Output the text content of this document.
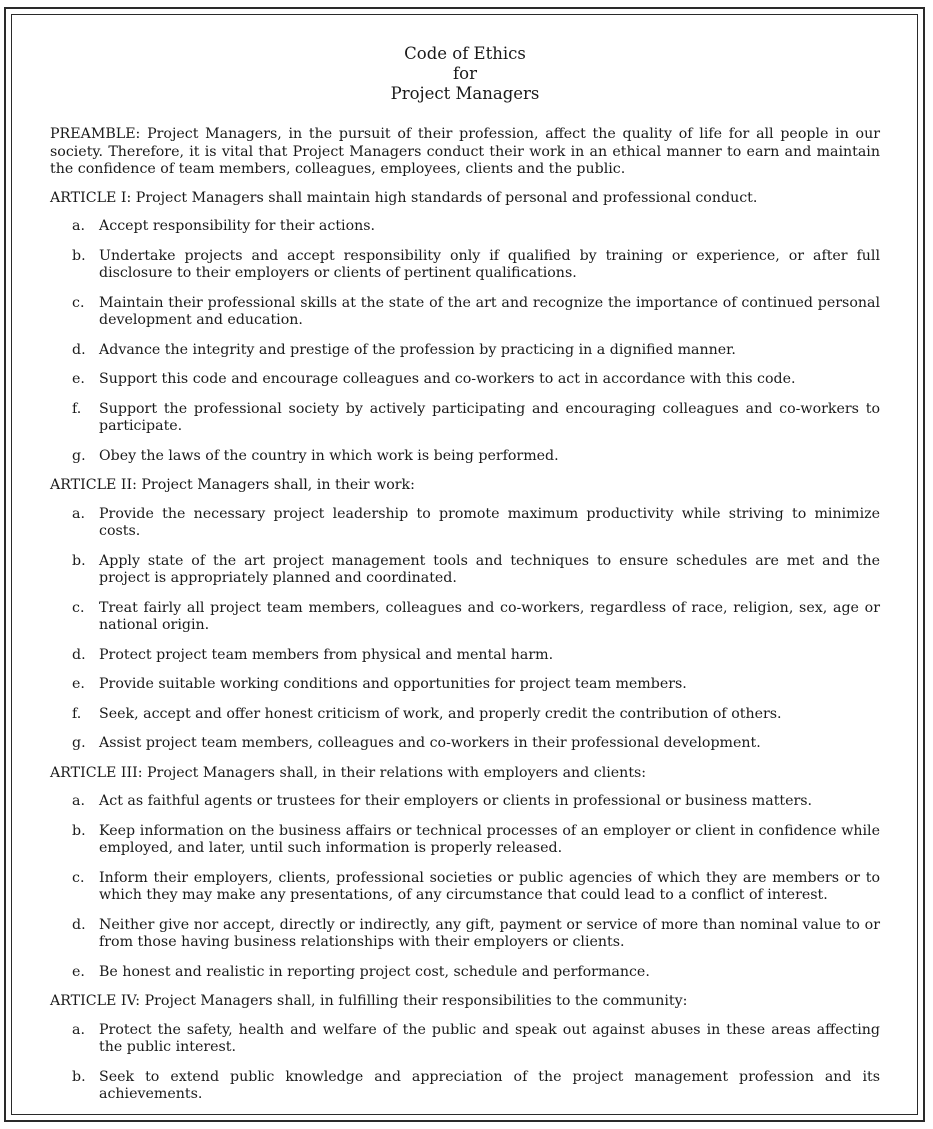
Code of Ethics
for
Project Managers

PREAMBLE: Project Managers, in the pursuit of their profession, affect the quality of life for all people in our society. Therefore, it is vital that Project Managers conduct their work in an ethical manner to earn and maintain the confidence of team members, colleagues, employees, clients and the public.

ARTICLE I: Project Managers shall maintain high standards of personal and professional conduct.

a. Accept responsibility for their actions.
b. Undertake projects and accept responsibility only if qualified by training or experience, or after full disclosure to their employers or clients of pertinent qualifications.
c.	Maintain their professional skills at the state of the art and recognize the importance of continued personal development and education.
d. Advance the integrity and prestige of the profession by practicing in a dignified manner.
e. Support this code and encourage colleagues and co-workers to act in accordance with this code.
f.	Support the professional society by actively participating and encouraging colleagues and co-workers to participate.
g. Obey the laws of the country in which work is being performed.

ARTICLE II: Project Managers shall, in their work:

a. Provide the necessary project leadership to promote maximum productivity while striving to minimize costs.
b. Apply state of the art project management tools and techniques to ensure schedules are met and the project is appropriately planned and coordinated.
c.	Treat fairly all project team members, colleagues and co-workers, regardless of race, religion, sex, age or national origin.
d. Protect project team members from physical and mental harm.
e. Provide suitable working conditions and opportunities for project team members.
f.	Seek, accept and offer honest criticism of work, and properly credit the contribution of others.
g. Assist project team members, colleagues and co-workers in their professional development.

ARTICLE III: Project Managers shall, in their relations with employers and clients:

a. Act as faithful agents or trustees for their employers or clients in professional or business matters.
b. Keep information on the business affairs or technical processes of an employer or client in confidence while employed, and later, until such information is properly released.
c.	Inform their employers, clients, professional societies or public agencies of which they are members or to which they may make any presentations, of any circumstance that could lead to a conflict of interest.
d. Neither give nor accept, directly or indirectly, any gift, payment or service of more than nominal value to or from those having business relationships with their employers or clients.
e. Be honest and realistic in reporting project cost, schedule and performance.

ARTICLE IV: Project Managers shall, in fulfilling their responsibilities to the community:

a. Protect the safety, health and welfare of the public and speak out against abuses in these areas affecting the public interest.
b. Seek to extend public knowledge and appreciation of the project management profession and its achievements.
